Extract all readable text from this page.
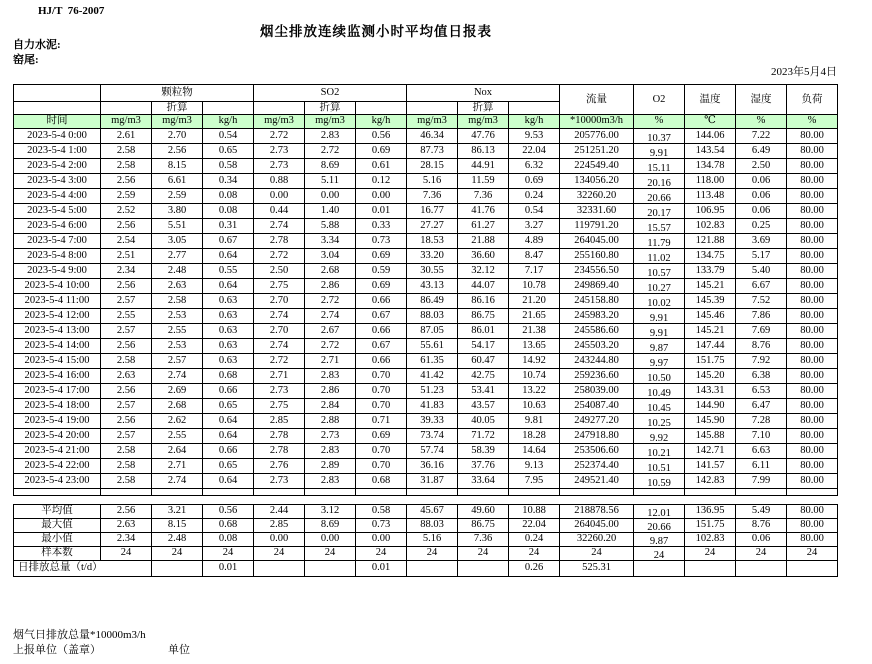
HJ/T  76-2007
烟尘排放连续监测小时平均值日报表
自力水泥:
窑尾:
2023年5月4日
	颗粒物			SO2			Nox			流量	O2	温度	湿度	负荷
		折算			折算			折算						
时间	mg/m3	mg/m3	kg/h	mg/m3	mg/m3	kg/h	mg/m3	mg/m3	kg/h	*10000m3/h	%	℃	%	%
2023-5-4 0:00	2.61	2.70	0.54	2.72	2.83	0.56	46.34	47.76	9.53	205776.00	10.37	144.06	7.22	80.00
2023-5-4 1:00	2.58	2.56	0.65	2.73	2.72	0.69	87.73	86.13	22.04	251251.20	9.91	143.54	6.49	80.00
2023-5-4 2:00	2.58	8.15	0.58	2.73	8.69	0.61	28.15	44.91	6.32	224549.40	15.11	134.78	2.50	80.00
2023-5-4 3:00	2.56	6.61	0.34	0.88	5.11	0.12	5.16	11.59	0.69	134056.20	20.16	118.00	0.06	80.00
2023-5-4 4:00	2.59	2.59	0.08	0.00	0.00	0.00	7.36	7.36	0.24	32260.20	20.66	113.48	0.06	80.00
2023-5-4 5:00	2.52	3.80	0.08	0.44	1.40	0.01	16.77	41.76	0.54	32331.60	20.17	106.95	0.06	80.00
2023-5-4 6:00	2.56	5.51	0.31	2.74	5.88	0.33	27.27	61.27	3.27	119791.20	15.57	102.83	0.25	80.00
2023-5-4 7:00	2.54	3.05	0.67	2.78	3.34	0.73	18.53	21.88	4.89	264045.00	11.79	121.88	3.69	80.00
2023-5-4 8:00	2.51	2.77	0.64	2.72	3.04	0.69	33.20	36.60	8.47	255160.80	11.02	134.75	5.17	80.00
2023-5-4 9:00	2.34	2.48	0.55	2.50	2.68	0.59	30.55	32.12	7.17	234556.50	10.57	133.79	5.40	80.00
2023-5-4 10:00	2.56	2.63	0.64	2.75	2.86	0.69	43.13	44.07	10.78	249869.40	10.27	145.21	6.67	80.00
2023-5-4 11:00	2.57	2.58	0.63	2.70	2.72	0.66	86.49	86.16	21.20	245158.80	10.02	145.39	7.52	80.00
2023-5-4 12:00	2.55	2.53	0.63	2.74	2.74	0.67	88.03	86.75	21.65	245983.20	9.91	145.46	7.86	80.00
2023-5-4 13:00	2.57	2.55	0.63	2.70	2.67	0.66	87.05	86.01	21.38	245586.60	9.91	145.21	7.69	80.00
2023-5-4 14:00	2.56	2.53	0.63	2.74	2.72	0.67	55.61	54.17	13.65	245503.20	9.87	147.44	8.76	80.00
2023-5-4 15:00	2.58	2.57	0.63	2.72	2.71	0.66	61.35	60.47	14.92	243244.80	9.97	151.75	7.92	80.00
2023-5-4 16:00	2.63	2.74	0.68	2.71	2.83	0.70	41.42	42.75	10.74	259236.60	10.50	145.20	6.38	80.00
2023-5-4 17:00	2.56	2.69	0.66	2.73	2.86	0.70	51.23	53.41	13.22	258039.00	10.49	143.31	6.53	80.00
2023-5-4 18:00	2.57	2.68	0.65	2.75	2.84	0.70	41.83	43.57	10.63	254087.40	10.45	144.90	6.47	80.00
2023-5-4 19:00	2.56	2.62	0.64	2.85	2.88	0.71	39.33	40.05	9.81	249277.20	10.25	145.90	7.28	80.00
2023-5-4 20:00	2.57	2.55	0.64	2.78	2.73	0.69	73.74	71.72	18.28	247918.80	9.92	145.88	7.10	80.00
2023-5-4 21:00	2.58	2.64	0.66	2.78	2.83	0.70	57.74	58.39	14.64	253506.60	10.21	142.71	6.63	80.00
2023-5-4 22:00	2.58	2.71	0.65	2.76	2.89	0.70	36.16	37.76	9.13	252374.40	10.51	141.57	6.11	80.00
2023-5-4 23:00	2.58	2.74	0.64	2.73	2.83	0.68	31.87	33.64	7.95	249521.40	10.59	142.83	7.99	80.00

平均值	2.56	3.21	0.56	2.44	3.12	0.58	45.67	49.60	10.88	218878.56	12.01	136.95	5.49	80.00
最大值	2.63	8.15	0.68	2.85	8.69	0.73	88.03	86.75	22.04	264045.00	20.66	151.75	8.76	80.00
最小值	2.34	2.48	0.08	0.00	0.00	0.00	5.16	7.36	0.24	32260.20	9.87	102.83	0.06	80.00
样本数	24	24	24	24	24	24	24	24	24	24	24	24	24	24
日排放总量（t/d）			0.01			0.01			0.26	525.31				
烟气日排放总量*10000m3/h
上报单位（盖章）	单位
